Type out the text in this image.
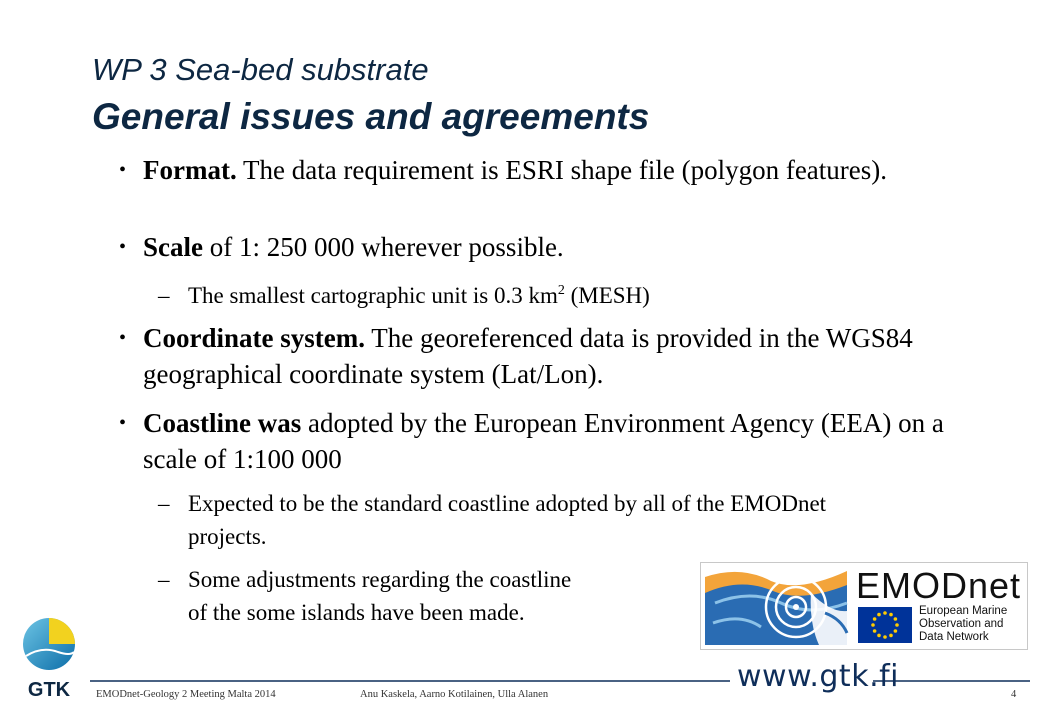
WP 3 Sea-bed substrate
General issues and agreements
• Format. The data requirement is ESRI shape file (polygon features).
• Scale of 1: 250 000 wherever possible.
– The smallest cartographic unit is 0.3 $km^2$ (MESH)
• Coordinate system. The georeferenced data is provided in the WGS84 geographical coordinate system (Lat/Lon).
• Coastline was adopted by the European Environment Agency (EEA) on a scale of 1:100 000
– Expected to be the standard coastline adopted by all of the EMODnet projects.
– Some adjustments regarding the coastline
of the some islands have been made.
EMODnet
European Marine
Observation and
Data Network
GTK	www.gtk.fi
EMODnet-Geology 2 Meeting Malta 2014	Anu Kaskela, Aarno Kotilainen, Ulla Alanen	4
